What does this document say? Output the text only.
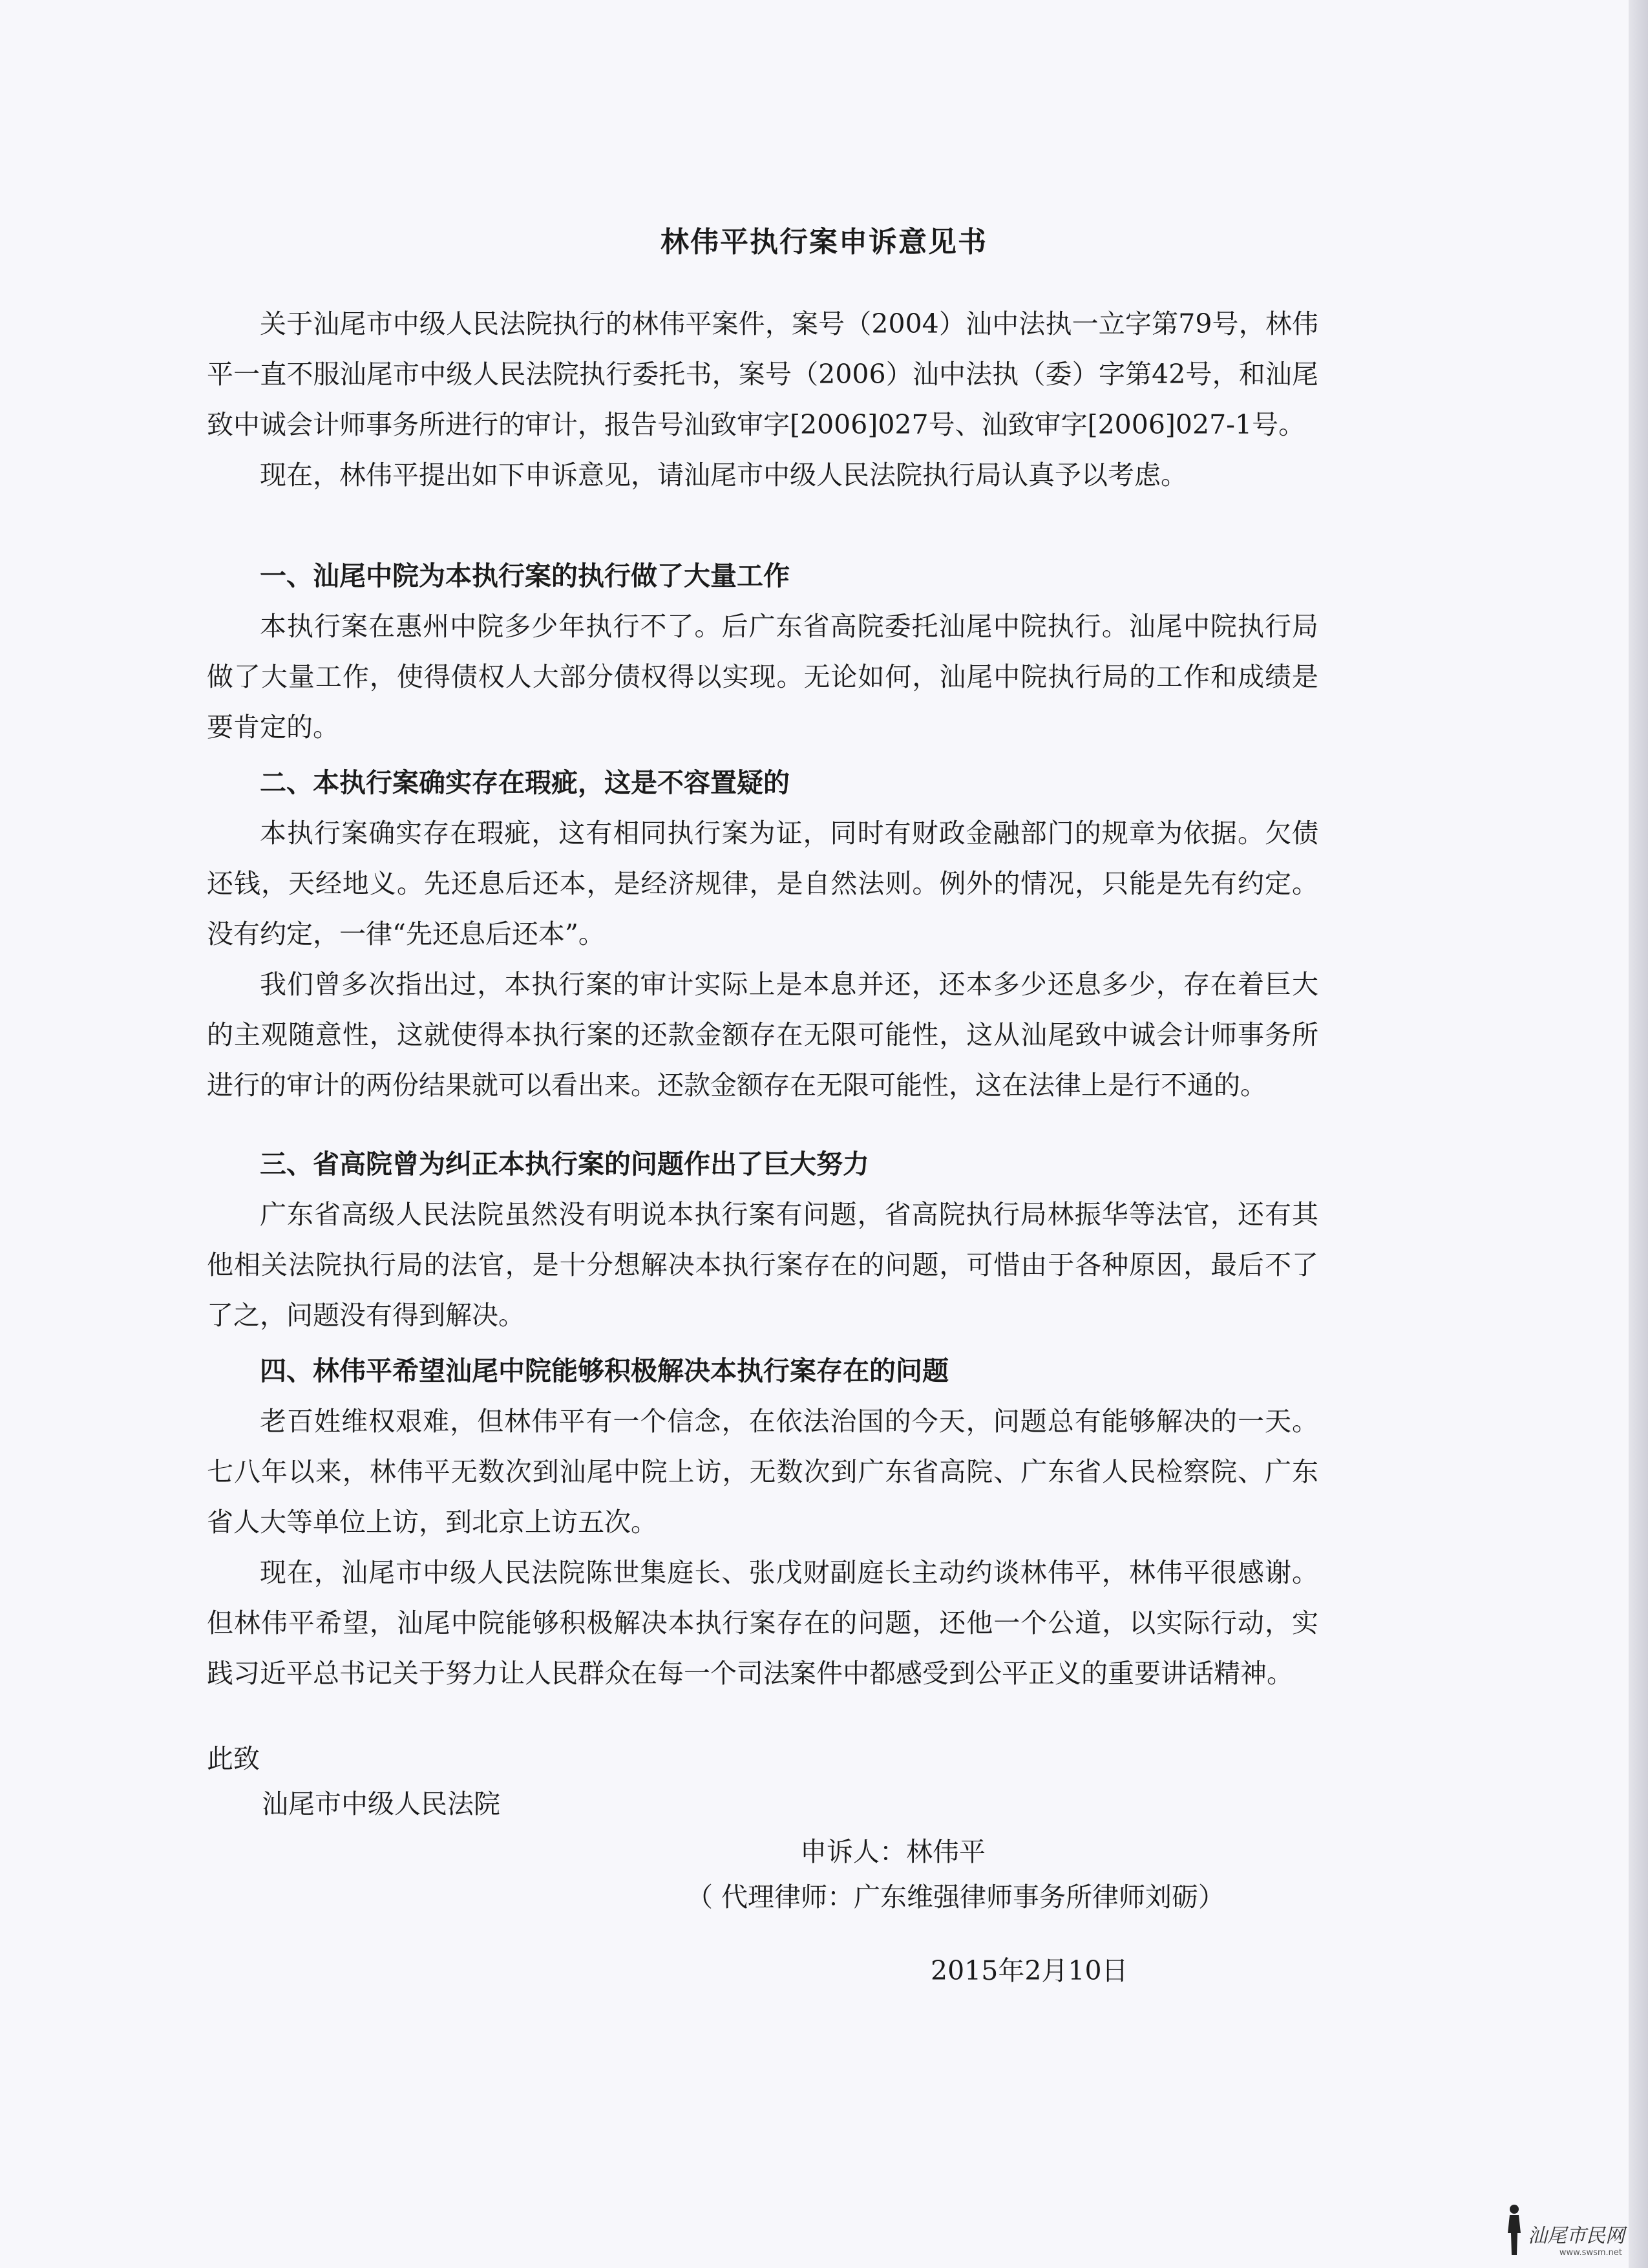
林伟平执行案申诉意见书

关于汕尾市中级人民法院执行的林伟平案件，案号（2004）汕中法执一立字第79号，林伟平一直不服汕尾市中级人民法院执行委托书，案号（2006）汕中法执（委）字第42号，和汕尾致中诚会计师事务所进行的审计，报告号汕致审字[2006]027号、汕致审字[2006]027-1号。

现在，林伟平提出如下申诉意见，请汕尾市中级人民法院执行局认真予以考虑。

一、汕尾中院为本执行案的执行做了大量工作

本执行案在惠州中院多少年执行不了。后广东省高院委托汕尾中院执行。汕尾中院执行局做了大量工作，使得债权人大部分债权得以实现。无论如何，汕尾中院执行局的工作和成绩是要肯定的。

二、本执行案确实存在瑕疵，这是不容置疑的

本执行案确实存在瑕疵，这有相同执行案为证，同时有财政金融部门的规章为依据。欠债还钱，天经地义。先还息后还本，是经济规律，是自然法则。例外的情况，只能是先有约定。没有约定，一律“先还息后还本”。

我们曾多次指出过，本执行案的审计实际上是本息并还，还本多少还息多少，存在着巨大的主观随意性，这就使得本执行案的还款金额存在无限可能性，这从汕尾致中诚会计师事务所进行的审计的两份结果就可以看出来。还款金额存在无限可能性，这在法律上是行不通的。

三、省高院曾为纠正本执行案的问题作出了巨大努力

广东省高级人民法院虽然没有明说本执行案有问题，省高院执行局林振华等法官，还有其他相关法院执行局的法官，是十分想解决本执行案存在的问题，可惜由于各种原因，最后不了了之，问题没有得到解决。

四、林伟平希望汕尾中院能够积极解决本执行案存在的问题

老百姓维权艰难，但林伟平有一个信念，在依法治国的今天，问题总有能够解决的一天。七八年以来，林伟平无数次到汕尾中院上访，无数次到广东省高院、广东省人民检察院、广东省人大等单位上访，到北京上访五次。

现在，汕尾市中级人民法院陈世集庭长、张戊财副庭长主动约谈林伟平，林伟平很感谢。但林伟平希望，汕尾中院能够积极解决本执行案存在的问题，还他一个公道，以实际行动，实践习近平总书记关于努力让人民群众在每一个司法案件中都感受到公平正义的重要讲话精神。

此致
汕尾市中级人民法院
申诉人：林伟平
（ 代理律师：广东维强律师事务所律师刘砺）
2015年2月10日
汕尾市民网
www.swsm.net
